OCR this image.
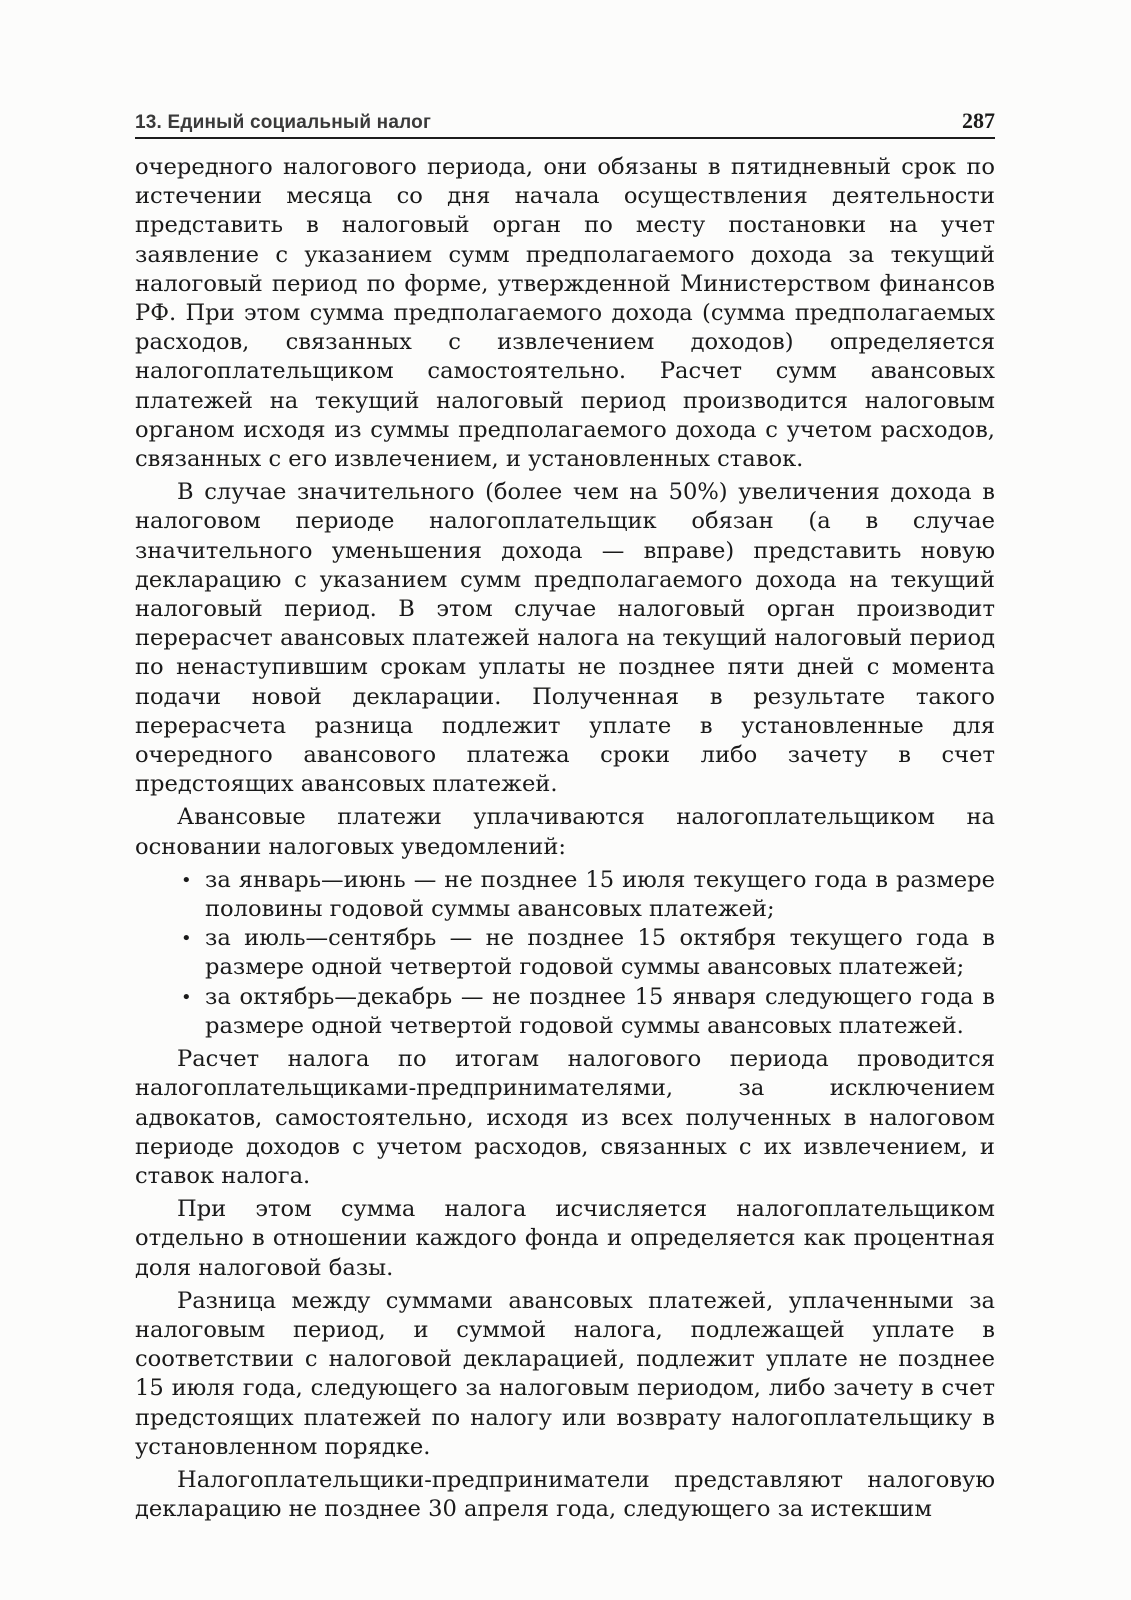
13. Единый социальный налог	287

очередного налогового периода, они обязаны в пятидневный срок по истечении месяца со дня начала осуществления деятельности представить в налоговый орган по месту постановки на учет заявление с указанием сумм предполагаемого дохода за текущий налоговый период по форме, утвержденной Министерством финансов РФ. При этом сумма предполагаемого дохода (сумма предполагаемых расходов, связанных с извлечением доходов) определяется налогоплательщиком самостоятельно. Расчет сумм авансовых платежей на текущий налоговый период производится налоговым органом исходя из суммы предполагаемого дохода с учетом расходов, связанных с его извлечением, и установленных ставок.

В случае значительного (более чем на 50%) увеличения дохода в налоговом периоде налогоплательщик обязан (а в случае значительного уменьшения дохода — вправе) представить новую декларацию с указанием сумм предполагаемого дохода на текущий налоговый период. В этом случае налоговый орган производит перерасчет авансовых платежей налога на текущий налоговый период по ненаступившим срокам уплаты не позднее пяти дней с момента подачи новой декларации. Полученная в результате такого перерасчета разница подлежит уплате в установленные для очередного авансового платежа сроки либо зачету в счет предстоящих авансовых платежей.

Авансовые платежи уплачиваются налогоплательщиком на основании налоговых уведомлений:

• за январь—июнь — не позднее 15 июля текущего года в размере половины годовой суммы авансовых платежей;
• за июль—сентябрь — не позднее 15 октября текущего года в размере одной четвертой годовой суммы авансовых платежей;
• за октябрь—декабрь — не позднее 15 января следующего года в размере одной четвертой годовой суммы авансовых платежей.

Расчет налога по итогам налогового периода проводится налогоплательщиками-предпринимателями, за исключением адвокатов, самостоятельно, исходя из всех полученных в налоговом периоде доходов с учетом расходов, связанных с их извлечением, и ставок налога.

При этом сумма налога исчисляется налогоплательщиком отдельно в отношении каждого фонда и определяется как процентная доля налоговой базы.

Разница между суммами авансовых платежей, уплаченными за налоговым период, и суммой налога, подлежащей уплате в соответствии с налоговой декларацией, подлежит уплате не позднее 15 июля года, следующего за налоговым периодом, либо зачету в счет предстоящих платежей по налогу или возврату налогоплательщику в установленном порядке.

Налогоплательщики-предприниматели представляют налоговую декларацию не позднее 30 апреля года, следующего за истекшим
